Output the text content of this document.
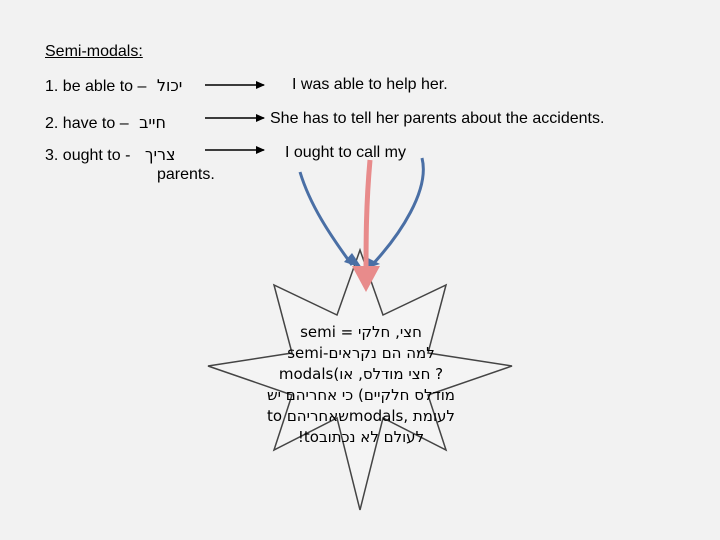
Semi-modals:
1. be able to – יכול	I was able to help her.
2. have to – חייב	She has to tell her parents about the accidents.
3. ought to - צריך
parents.
I ought to call my
semi = חצי, חלקי
semi-למה הם נקראים
modals(חצי מודלס, או ?
מודלס חלקיים) כי אחריהם יש
to שאחריהםmodals, לעומת
!toלעולם לא נכתוב
